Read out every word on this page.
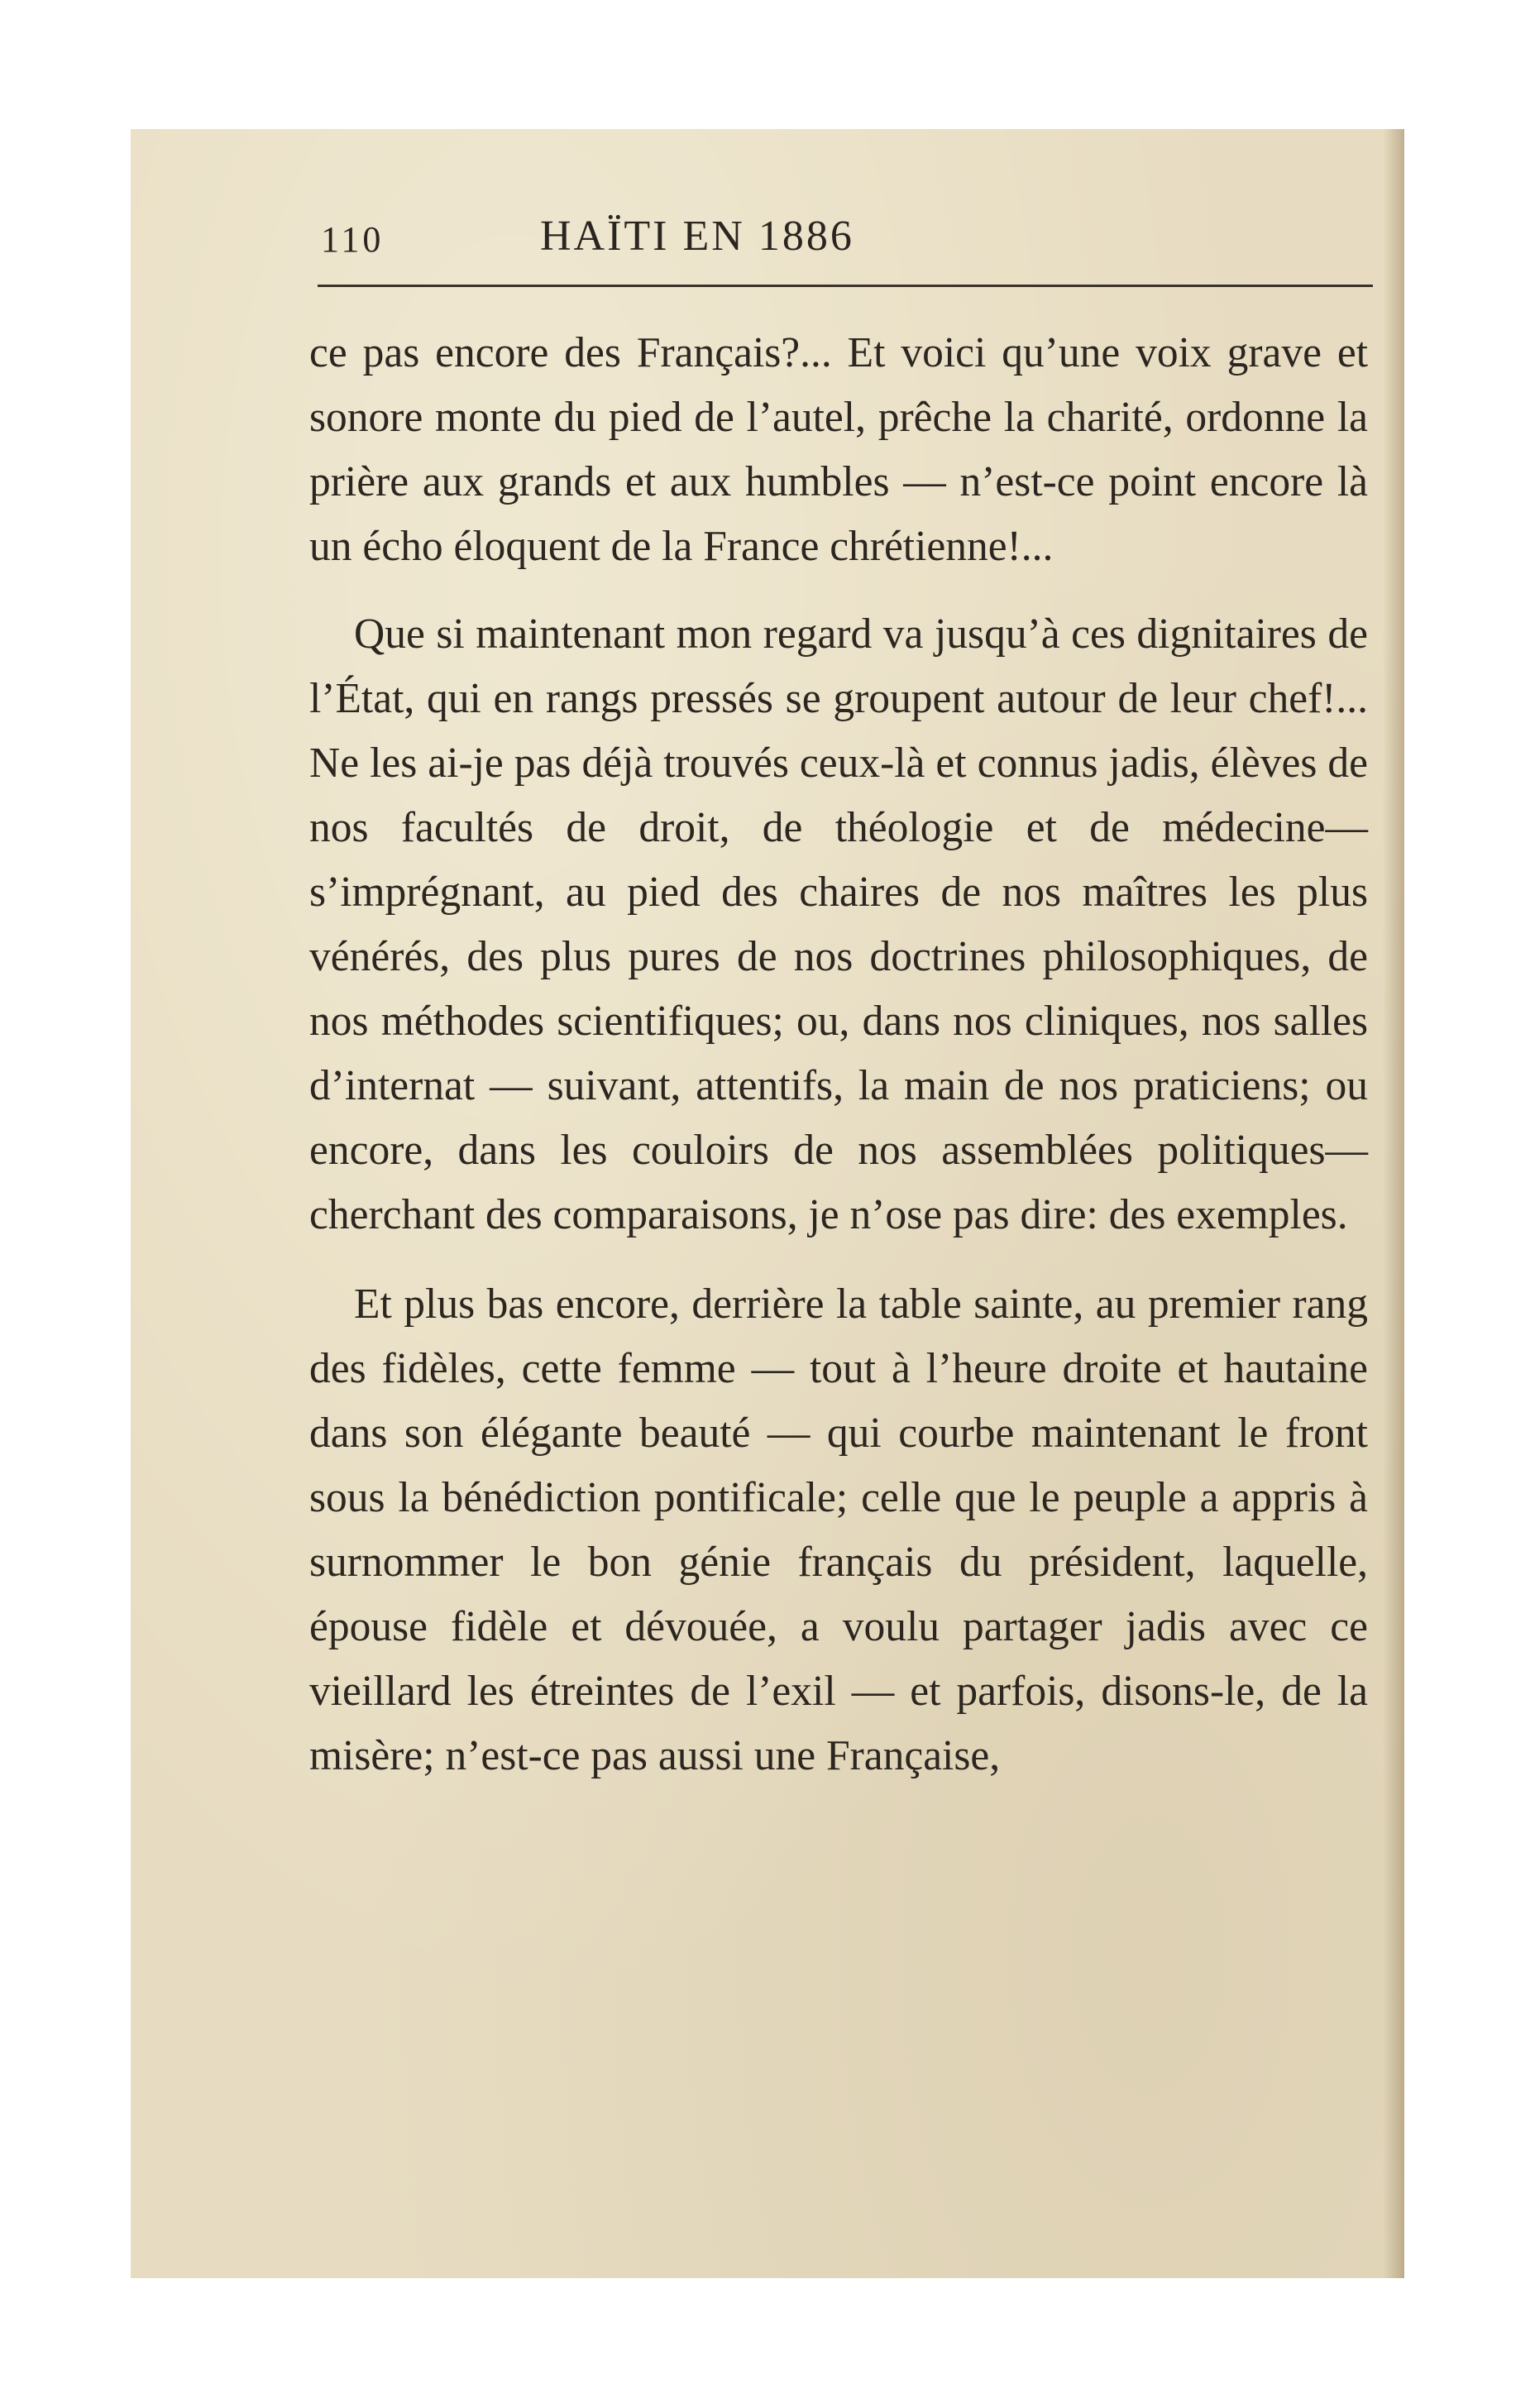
110	HAÏTI EN 1886

ce pas encore des Français?... Et voici qu’une voix grave et sonore monte du pied de l’autel, prêche la charité, ordonne la prière aux grands et aux humbles — n’est-ce point encore là un écho éloquent de la France chrétienne!...

Que si maintenant mon regard va jusqu’à ces dignitaires de l’État, qui en rangs pressés se groupent autour de leur chef!... Ne les ai-je pas déjà trouvés ceux-là et connus jadis, élèves de nos facultés de droit, de théologie et de médecine— s’imprégnant, au pied des chaires de nos maîtres les plus vénérés, des plus pures de nos doctrines philosophiques, de nos méthodes scientifiques; ou, dans nos cliniques, nos salles d’internat — suivant, attentifs, la main de nos praticiens; ou encore, dans les couloirs de nos assemblées politiques—cherchant des comparaisons, je n’ose pas dire: des exemples.

Et plus bas encore, derrière la table sainte, au premier rang des fidèles, cette femme — tout à l’heure droite et hautaine dans son élégante beauté — qui courbe maintenant le front sous la bénédiction pontificale; celle que le peuple a appris à surnommer le bon génie français du président, laquelle, épouse fidèle et dévouée, a voulu partager jadis avec ce vieillard les étreintes de l’exil — et parfois, disons-le, de la misère; n’est-ce pas aussi une Française,
